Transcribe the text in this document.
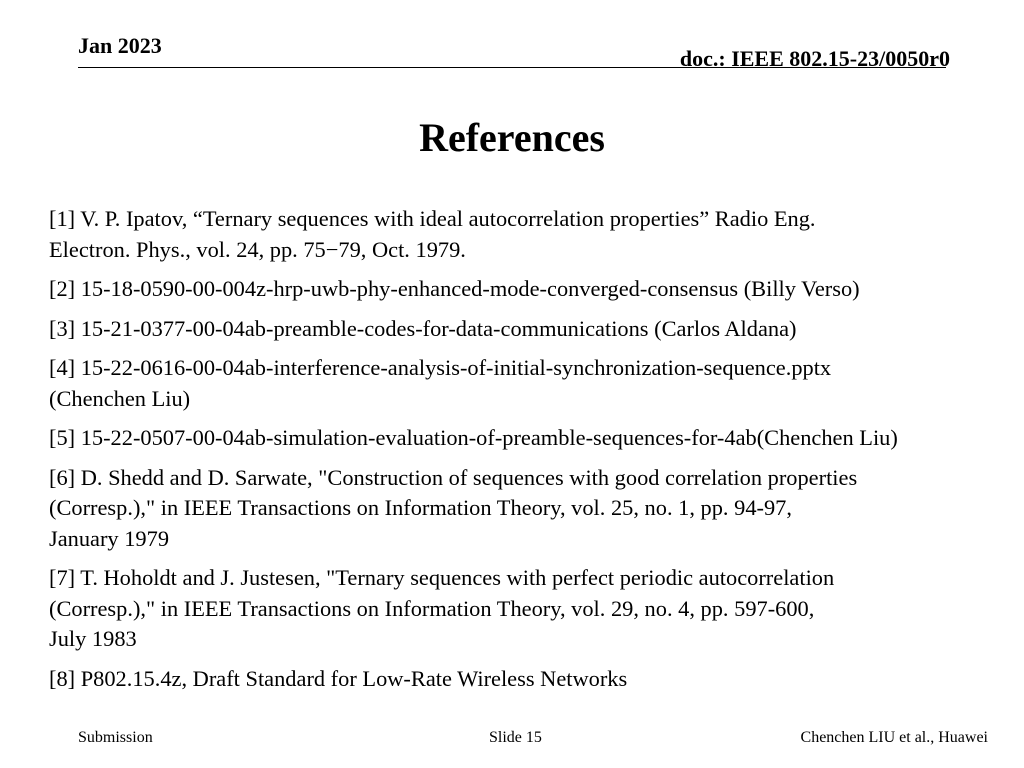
Jan 2023
doc.: IEEE 802.15-23/0050r0
References
[1] V. P. Ipatov, “Ternary sequences with ideal autocorrelation properties” Radio Eng.
Electron. Phys., vol. 24, pp. 75−79, Oct. 1979.
[2] 15-18-0590-00-004z-hrp-uwb-phy-enhanced-mode-converged-consensus (Billy Verso)
[3] 15-21-0377-00-04ab-preamble-codes-for-data-communications (Carlos Aldana)
[4] 15-22-0616-00-04ab-interference-analysis-of-initial-synchronization-sequence.pptx
(Chenchen Liu)
[5] 15-22-0507-00-04ab-simulation-evaluation-of-preamble-sequences-for-4ab(Chenchen Liu)
[6] D. Shedd and D. Sarwate, "Construction of sequences with good correlation properties
(Corresp.)," in IEEE Transactions on Information Theory, vol. 25, no. 1, pp. 94-97,
January 1979
[7] T. Hoholdt and J. Justesen, "Ternary sequences with perfect periodic autocorrelation
(Corresp.)," in IEEE Transactions on Information Theory, vol. 29, no. 4, pp. 597-600,
July 1983
[8] P802.15.4z, Draft Standard for Low-Rate Wireless Networks
Submission	Slide 15	Chenchen LIU et al., Huawei
